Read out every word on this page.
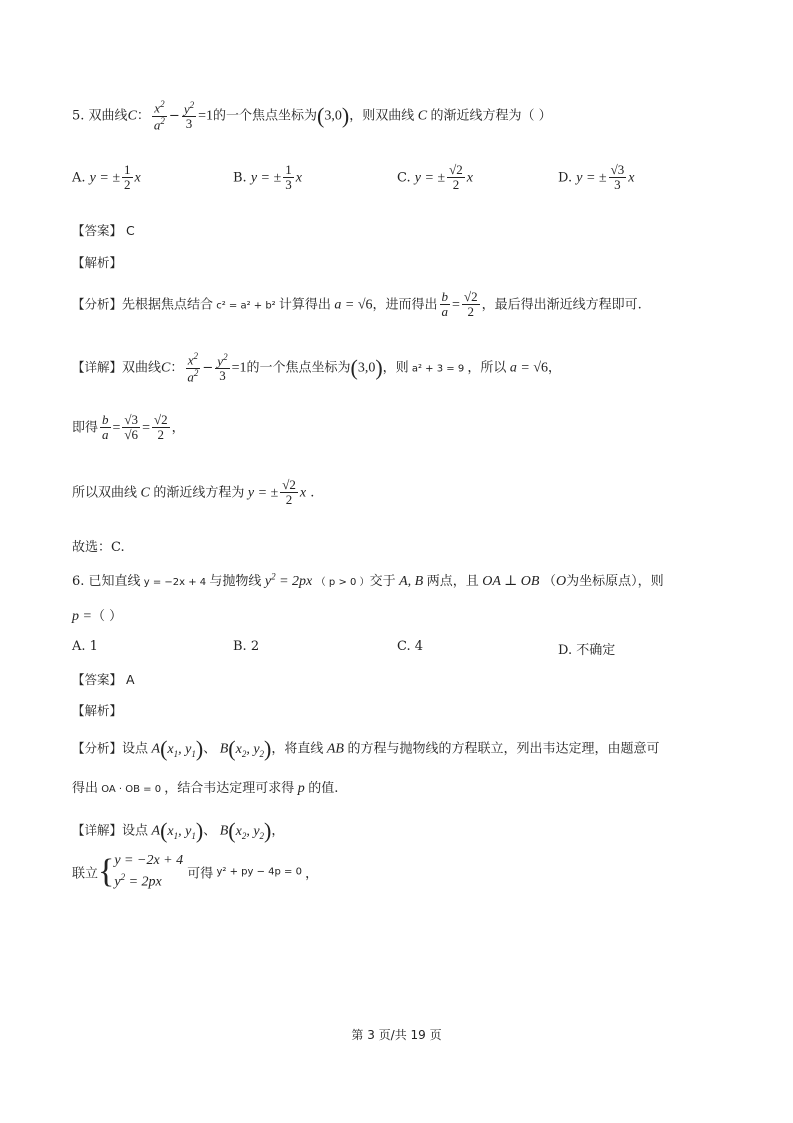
5. 双曲线C： $\frac{x^2}{a^2} - \frac{y^2}{3} =1$的一个焦点坐标为(3,0)，则双曲线 C 的渐近线方程为（ ）
A. y = ± $\frac{1}{2}$ x	B. y = ± $\frac{1}{3}$ x	C. y = ± $\frac{√2}{2}$ x	D. y = ± $\frac{√3}{3}$ x
【答案】 C
【解析】
【分析】先根据焦点结合 c² = a² + b² 计算得出 a = √6，进而得出 $\frac{b}{a} = \frac{√2}{2}$ ，最后得出渐近线方程即可.
【详解】双曲线C： $\frac{x^2}{a^2} - \frac{y^2}{3} =1$的一个焦点坐标为(3,0)，则 a² + 3 = 9 ，所以 a = √6，
即得 $\frac{b}{a} = \frac{√3}{√6} = \frac{√2}{2}$ ，
所以双曲线 C 的渐近线方程为 y = ± $\frac{√2}{2}$ x .
故选：C.
6. 已知直线 y = −2x + 4 与抛物线 $y^2 = 2px$ （ p > 0 ）交于 A, B 两点，且 OA ⊥ OB （O为坐标原点），则
p =（ ）
A. 1	B. 2	C. 4	D. 不确定
【答案】 A
【解析】
【分析】设点 $A(x_1$, $y_1$)、 $B(x_2$, $y_2$)，将直线 AB 的方程与抛物线的方程联立，列出韦达定理，由题意可
得出 OA · OB = 0 ，结合韦达定理可求得 p 的值.
【详解】设点 $A(x_1$, $y_1$)、 $B(x_2$, $y_2$)，
联立{ y = −2x + 4
$y^2 = 2px$
可得 y² + py − 4p = 0 ，
第 3 页/共 19 页
